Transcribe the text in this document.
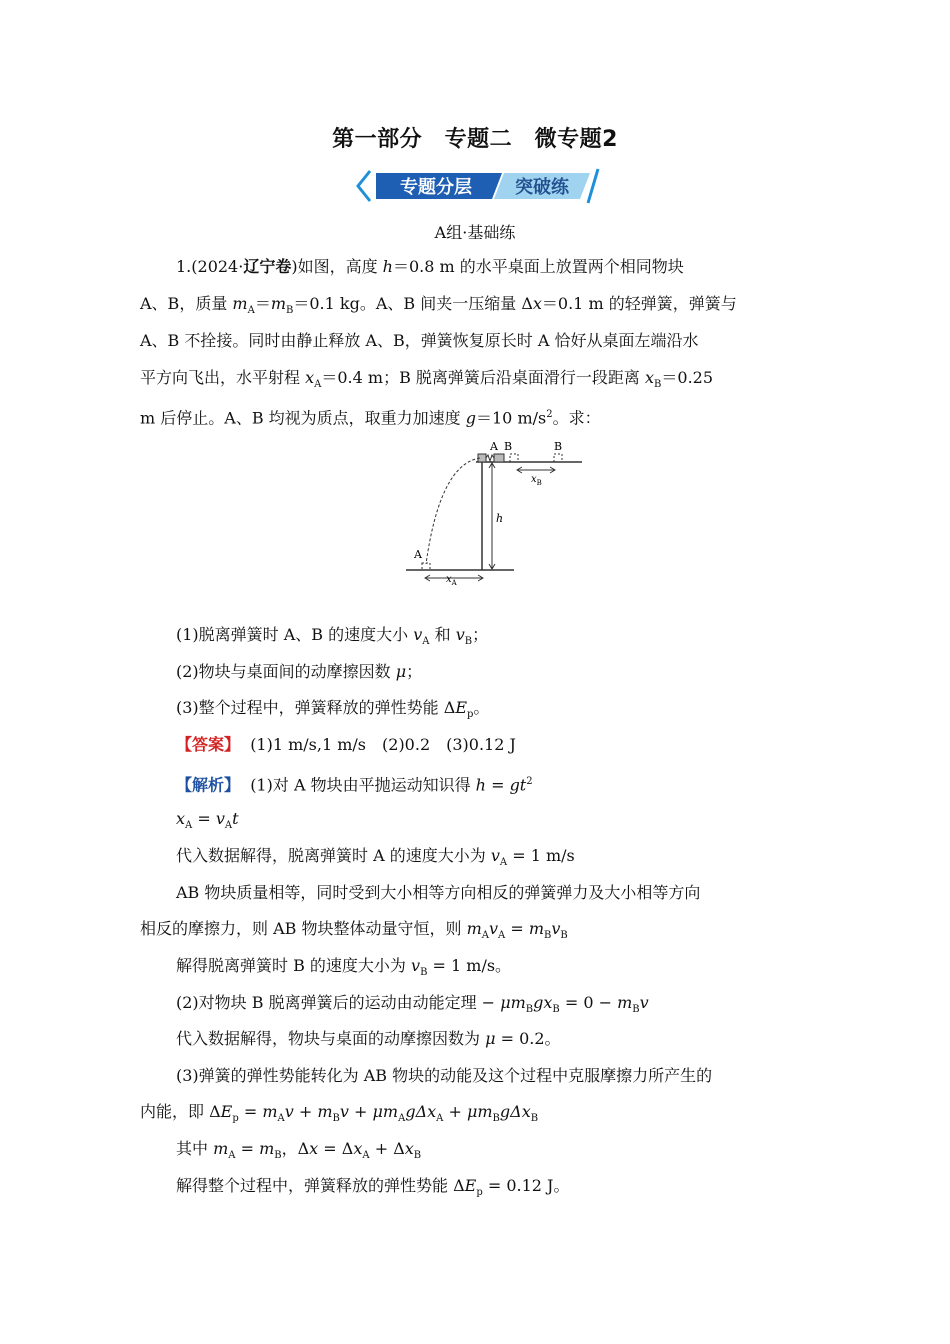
第一部分　专题二　微专题2
专题分层 突破练
A组·基础练
1.(2024·辽宁卷)如图，高度 h＝0.8 m 的水平桌面上放置两个相同物块
A、B，质量 $m_A=m_B=0.1$ kg。A、B 间夹一压缩量 Δx＝0.1 m 的轻弹簧，弹簧与
A、B 不拴接。同时由静止释放 A、B，弹簧恢复原长时 A 恰好从桌面左端沿水
平方向飞出，水平射程 $x_A=0.4$ m；B 脱离弹簧后沿桌面滑行一段距离 $x_B=0.25$
m 后停止。A、B 均视为质点，取重力加速度 g＝10 $m/s^2$。求：
A B	B
$x_B$
h
A
$x_A$
(1)脱离弹簧时 A、B 的速度大小 $v_A$ 和 $v_B$；
(2)物块与桌面间的动摩擦因数 μ；
(3)整个过程中，弹簧释放的弹性势能 $\Delta E_p$。
【答案】 (1)1 m/s,1 m/s　(2)0.2　(3)0.12 J
【解析】 (1)对 A 物块由平抛运动知识得 $h = gt^2$
$x_A = v_At$
代入数据解得，脱离弹簧时 A 的速度大小为 $v_A = 1$ m/s
AB 物块质量相等，同时受到大小相等方向相反的弹簧弹力及大小相等方向
相反的摩擦力，则 AB 物块整体动量守恒，则 $m_Av_A = m_Bv_B$
解得脱离弹簧时 B 的速度大小为 $v_B = 1$ m/s。
(2)对物块 B 脱离弹簧后的运动由动能定理 − $\mu m_Bgx_B = 0 - m_Bv$
代入数据解得，物块与桌面的动摩擦因数为 μ = 0.2。
(3)弹簧的弹性势能转化为 AB 物块的动能及这个过程中克服摩擦力所产生的
内能，即 $\Delta E_p = m_Av + m_Bv + \mu m_Ag\Delta x_A + \mu m_Bg\Delta x_B$
其中 $m_A = m_B$，$\Delta x = \Delta x_A + \Delta x_B$
解得整个过程中，弹簧释放的弹性势能 $\Delta E_p = 0.12$ J。
